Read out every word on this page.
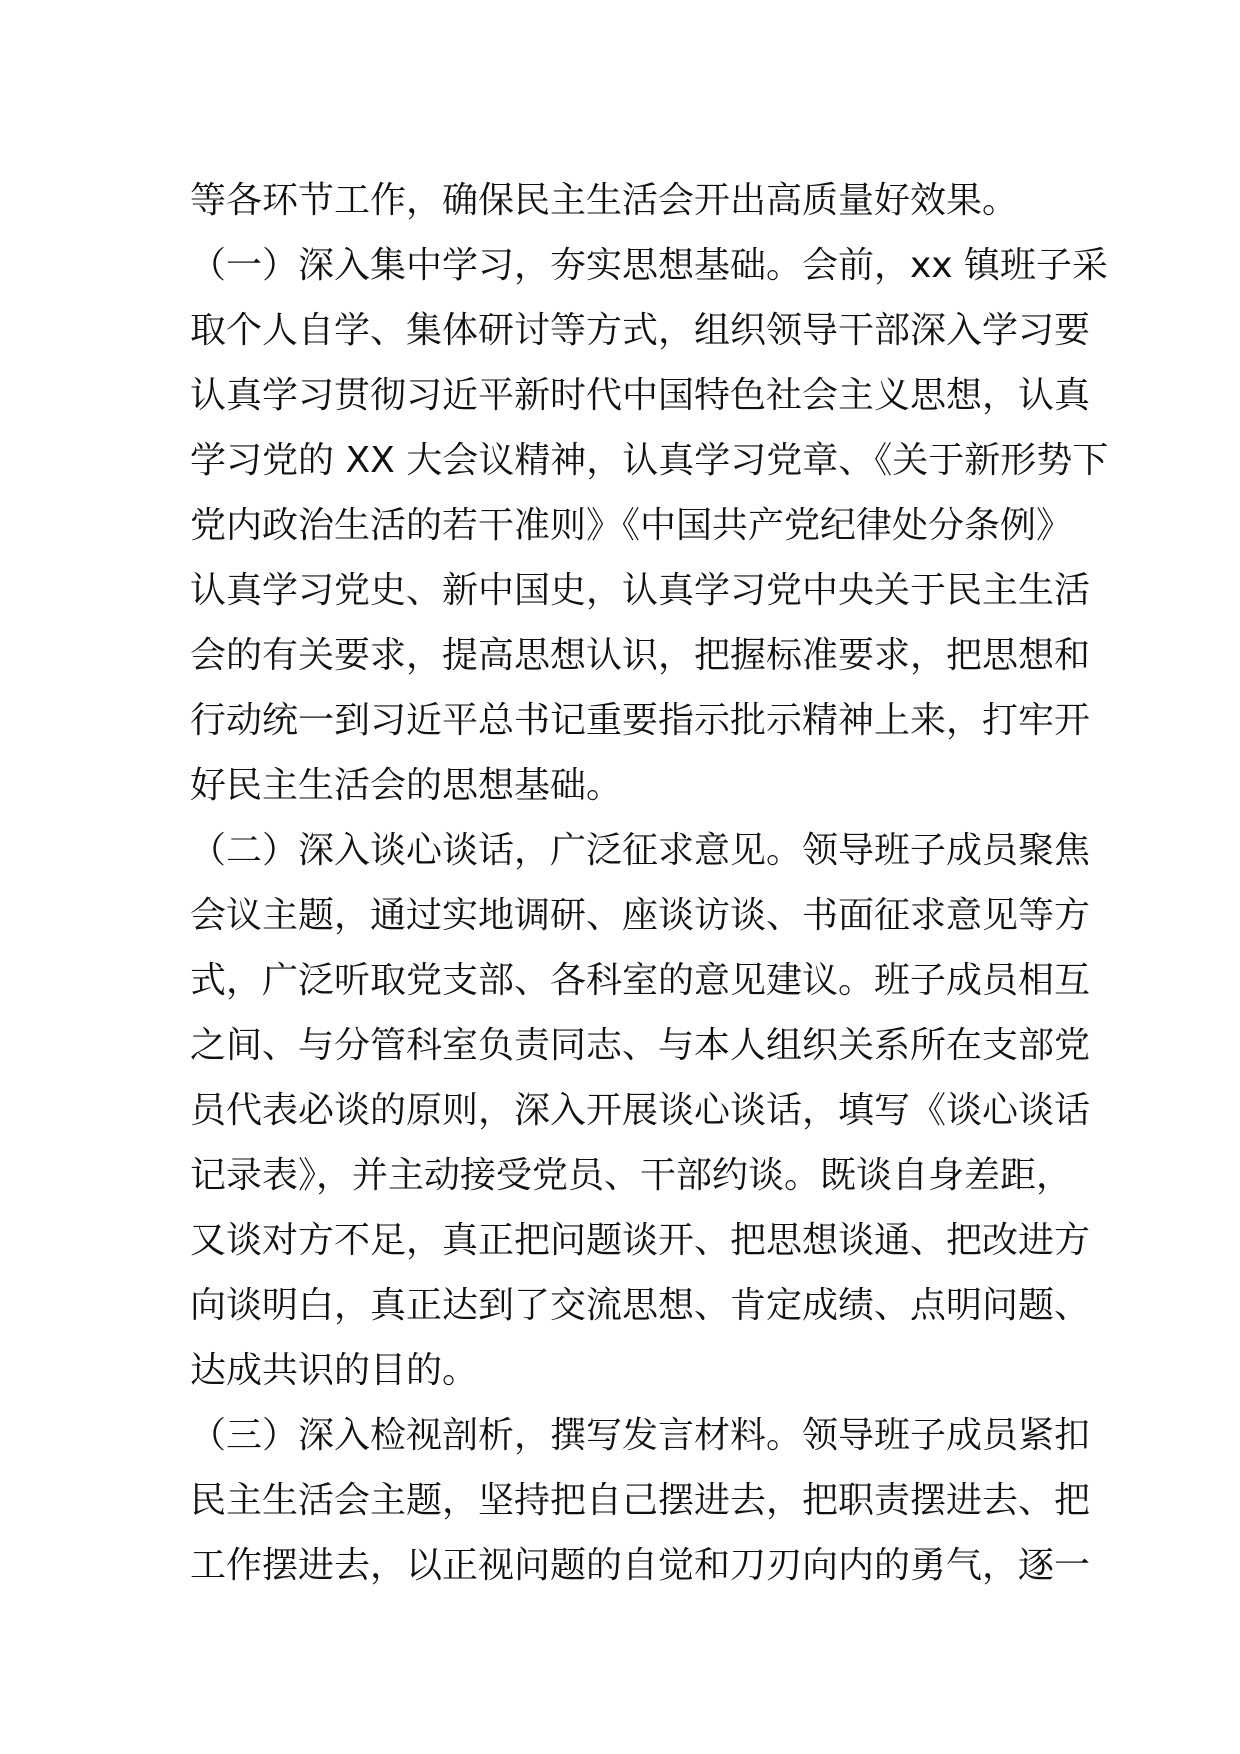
等各环节工作，确保民主生活会开出高质量好效果。
（一）深入集中学习，夯实思想基础。会前，xx 镇班子采
取个人自学、集体研讨等方式，组织领导干部深入学习要
认真学习贯彻习近平新时代中国特色社会主义思想，认真
学习党的 XX 大会议精神，认真学习党章、《关于新形势下
党内政治生活的若干准则》《中国共产党纪律处分条例》
认真学习党史、新中国史，认真学习党中央关于民主生活
会的有关要求，提高思想认识，把握标准要求，把思想和
行动统一到习近平总书记重要指示批示精神上来，打牢开
好民主生活会的思想基础。
（二）深入谈心谈话，广泛征求意见。领导班子成员聚焦
会议主题，通过实地调研、座谈访谈、书面征求意见等方
式，广泛听取党支部、各科室的意见建议。班子成员相互
之间、与分管科室负责同志、与本人组织关系所在支部党
员代表必谈的原则，深入开展谈心谈话，填写《谈心谈话
记录表》，并主动接受党员、干部约谈。既谈自身差距，
又谈对方不足，真正把问题谈开、把思想谈通、把改进方
向谈明白，真正达到了交流思想、肯定成绩、点明问题、
达成共识的目的。
（三）深入检视剖析，撰写发言材料。领导班子成员紧扣
民主生活会主题，坚持把自己摆进去，把职责摆进去、把
工作摆进去，以正视问题的自觉和刀刃向内的勇气，逐一
